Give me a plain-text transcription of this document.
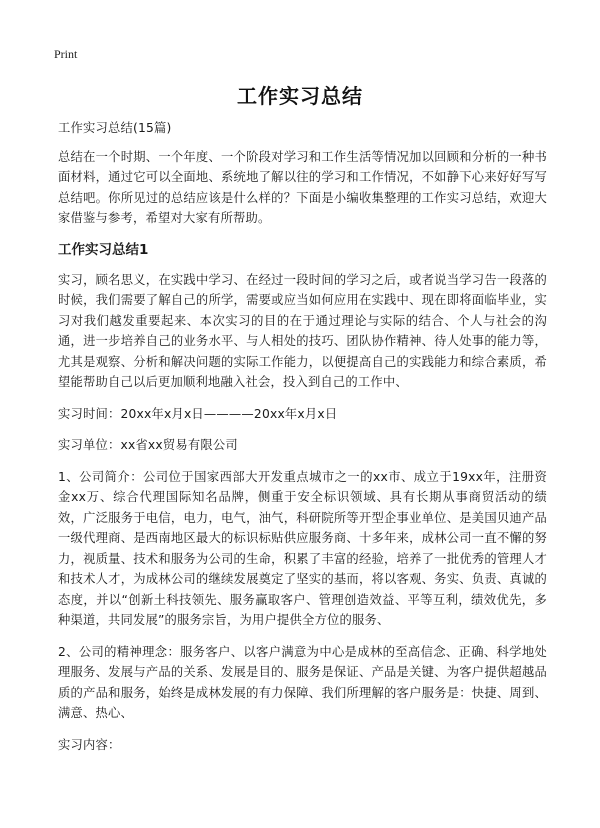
Print
工作实习总结

工作实习总结(15篇)

总结在一个时期、一个年度、一个阶段对学习和工作生活等情况加以回顾和分析的一种书面材料，通过它可以全面地、系统地了解以往的学习和工作情况，不如静下心来好好写写总结吧。你所见过的总结应该是什么样的？下面是小编收集整理的工作实习总结，欢迎大家借鉴与参考，希望对大家有所帮助。

工作实习总结1

实习，顾名思义，在实践中学习、在经过一段时间的学习之后，或者说当学习告一段落的时候，我们需要了解自己的所学，需要或应当如何应用在实践中、现在即将面临毕业，实习对我们越发重要起来、本次实习的目的在于通过理论与实际的结合、个人与社会的沟通，进一步培养自己的业务水平、与人相处的技巧、团队协作精神、待人处事的能力等，尤其是观察、分析和解决问题的实际工作能力，以便提高自己的实践能力和综合素质，希望能帮助自己以后更加顺利地融入社会，投入到自己的工作中、

实习时间：20xx年x月x日————20xx年x月x日

实习单位：xx省xx贸易有限公司

1、公司简介：公司位于国家西部大开发重点城市之一的xx市、成立于19xx年，注册资金xx万、综合代理国际知名品牌，侧重于安全标识领域、具有长期从事商贸活动的绩效，广泛服务于电信，电力，电气，油气，科研院所等开型企事业单位、是美国贝迪产品一级代理商、是西南地区最大的标识标贴供应服务商、十多年来，成林公司一直不懈的努力，视质量、技术和服务为公司的生命，积累了丰富的经验，培养了一批优秀的管理人才和技术人才，为成林公司的继续发展奠定了坚实的基而，将以客观、务实、负责、真诚的态度，并以“创新土科技领先、服务赢取客户、管理创造效益、平等互利，绩效优先，多种渠道，共同发展”的服务宗旨，为用户提供全方位的服务、

2、公司的精神理念：服务客户、以客户满意为中心是成林的至高信念、正确、科学地处理服务、发展与产品的关系、发展是目的、服务是保证、产品是关键、为客户提供超越品质的产品和服务，始终是成林发展的有力保障、我们所理解的客户服务是：快捷、周到、满意、热心、

实习内容：
